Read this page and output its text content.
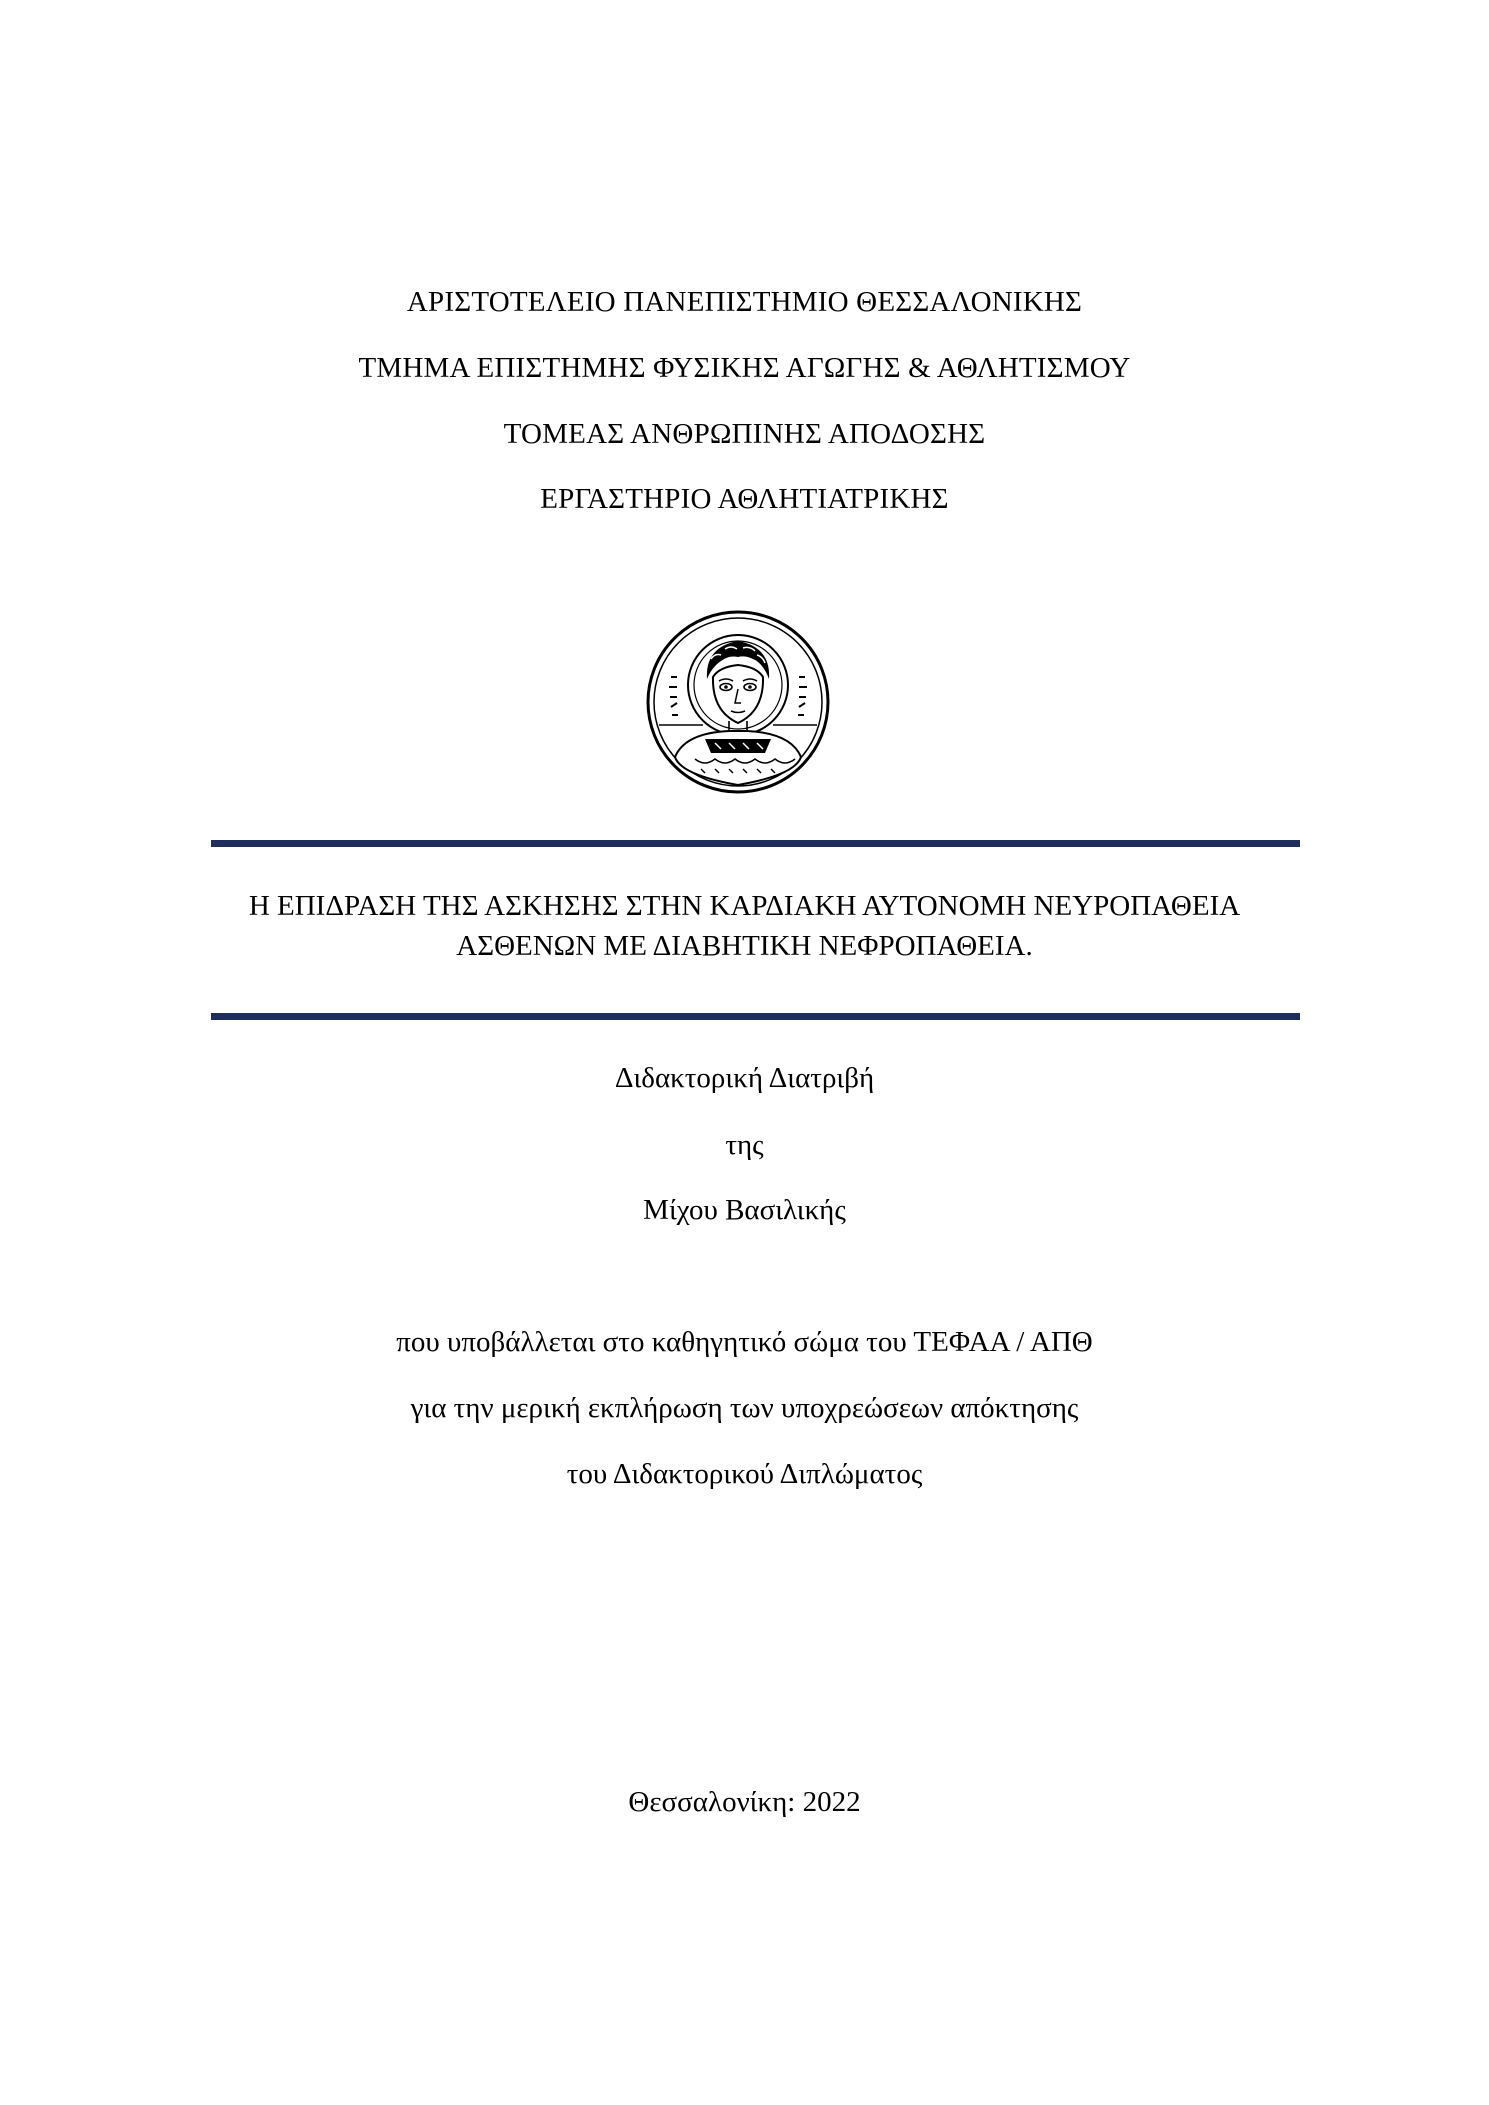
ΑΡΙΣΤΟΤΕΛΕΙΟ ΠΑΝΕΠΙΣΤΗΜΙΟ ΘΕΣΣΑΛΟΝΙΚΗΣ
ΤΜΗΜΑ ΕΠΙΣΤΗΜΗΣ ΦΥΣΙΚΗΣ ΑΓΩΓΗΣ & ΑΘΛΗΤΙΣΜΟΥ
ΤΟΜΕΑΣ ΑΝΘΡΩΠΙΝΗΣ ΑΠΟΔΟΣΗΣ
ΕΡΓΑΣΤΗΡΙΟ ΑΘΛΗΤΙΑΤΡΙΚΗΣ
Η ΕΠΙΔΡΑΣΗ ΤΗΣ ΑΣΚΗΣΗΣ ΣΤΗΝ ΚΑΡΔΙΑΚΗ ΑΥΤΟΝΟΜΗ ΝΕΥΡΟΠΑΘΕΙΑ
ΑΣΘΕΝΩΝ ΜΕ ΔΙΑΒΗΤΙΚΗ ΝΕΦΡΟΠΑΘΕΙΑ.
Διδακτορική Διατριβή
της
Μίχου Βασιλικής
που υποβάλλεται στο καθηγητικό σώμα του ΤΕΦΑΑ / ΑΠΘ
για την μερική εκπλήρωση των υποχρεώσεων απόκτησης
του Διδακτορικού Διπλώματος
Θεσσαλονίκη: 2022
